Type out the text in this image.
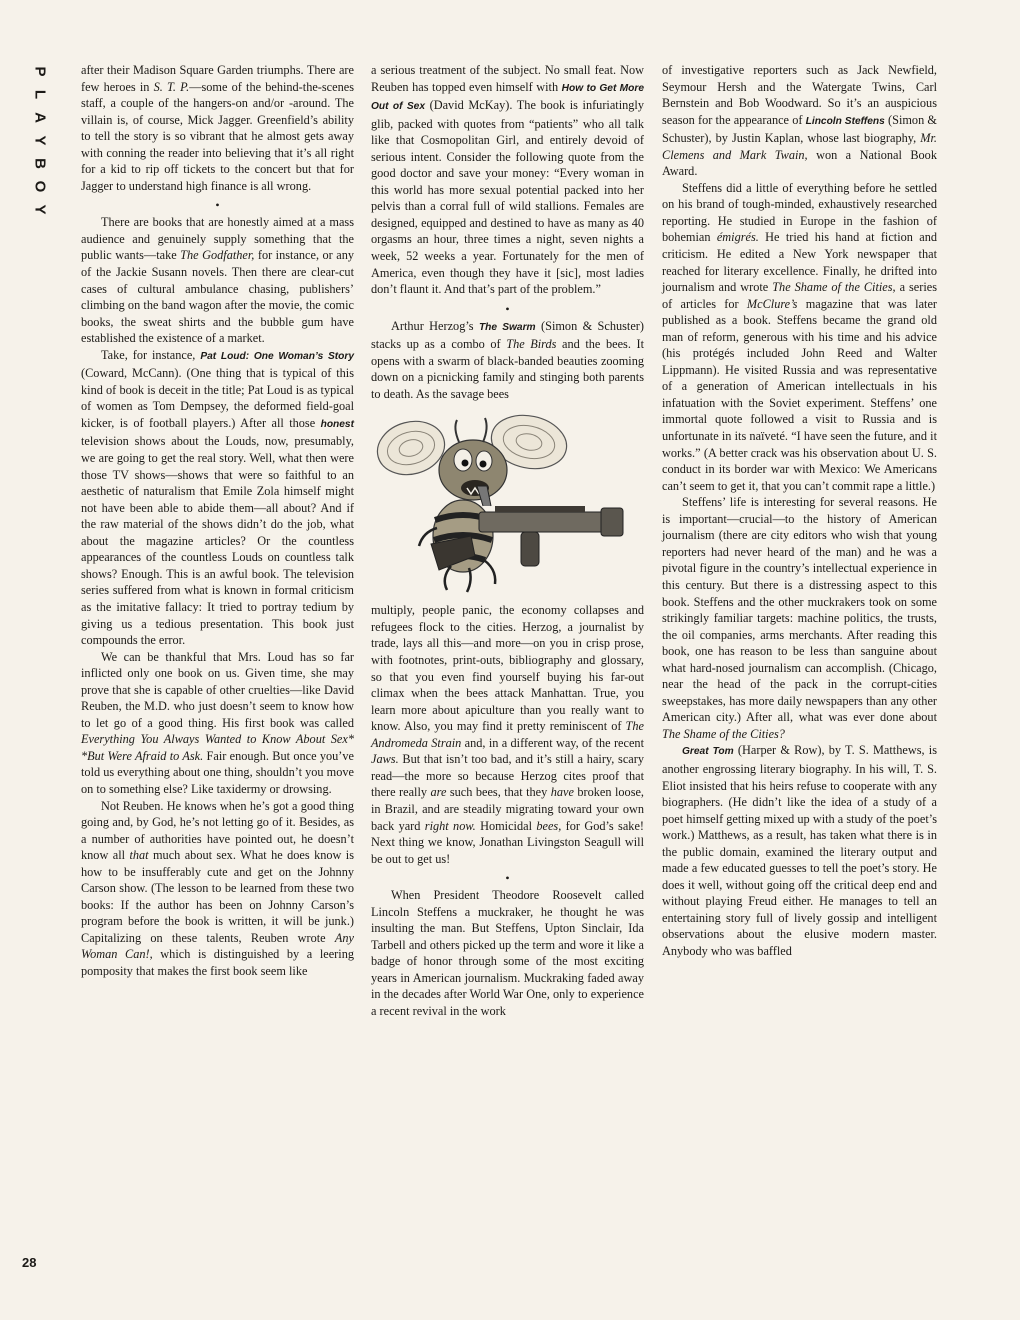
P
L
A
Y
B
O
Y
28

after their Madison Square Garden triumphs. There are few heroes in S. T. P.—some of the behind-the-scenes staff, a couple of the hangers-on and/or -around. The villain is, of course, Mick Jagger. Greenfield’s ability to tell the story is so vibrant that he almost gets away with conning the reader into believing that it’s all right for a kid to rip off tickets to the concert but that for Jagger to understand high finance is all wrong.

•

There are books that are honestly aimed at a mass audience and genuinely supply something that the public wants—take The Godfather, for instance, or any of the Jackie Susann novels. Then there are clear-cut cases of cultural ambulance chasing, publishers’ climbing on the band wagon after the movie, the comic books, the sweat shirts and the bubble gum have established the existence of a market.

Take, for instance, Pat Loud: One Woman’s Story (Coward, McCann). (One thing that is typical of this kind of book is deceit in the title; Pat Loud is as typical of women as Tom Dempsey, the deformed field-goal kicker, is of football players.) After all those honest television shows about the Louds, now, presumably, we are going to get the real story. Well, what then were those TV shows—shows that were so faithful to an aesthetic of naturalism that Emile Zola himself might not have been able to abide them—all about? And if the raw material of the shows didn’t do the job, what about the magazine articles? Or the countless appearances of the countless Louds on countless talk shows? Enough. This is an awful book. The television series suffered from what is known in formal criticism as the imitative fallacy: It tried to portray tedium by giving us a tedious presentation. This book just compounds the error.

We can be thankful that Mrs. Loud has so far inflicted only one book on us. Given time, she may prove that she is capable of other cruelties—like David Reuben, the M.D. who just doesn’t seem to know how to let go of a good thing. His first book was called Everything You Always Wanted to Know About Sex* *But Were Afraid to Ask. Fair enough. But once you’ve told us everything about one thing, shouldn’t you move on to something else? Like taxidermy or drowsing.

Not Reuben. He knows when he’s got a good thing going and, by God, he’s not letting go of it. Besides, as a number of authorities have pointed out, he doesn’t know all that much about sex. What he does know is how to be insufferably cute and get on the Johnny Carson show. (The lesson to be learned from these two books: If the author has been on Johnny Carson’s program before the book is written, it will be junk.) Capitalizing on these talents, Reuben wrote Any Woman Can!, which is distinguished by a leering pomposity that makes the first book seem like

a serious treatment of the subject. No small feat. Now Reuben has topped even himself with How to Get More Out of Sex (David McKay). The book is infuriatingly glib, packed with quotes from “patients” who all talk like that Cosmopolitan Girl, and entirely devoid of serious intent. Consider the following quote from the good doctor and save your money: “Every woman in this world has more sexual potential packed into her pelvis than a corral full of wild stallions. Females are designed, equipped and destined to have as many as 40 orgasms an hour, three times a night, seven nights a week, 52 weeks a year. Fortunately for the men of America, even though they have it [sic], most ladies don’t flaunt it. And that’s part of the problem.”

•

Arthur Herzog’s The Swarm (Simon & Schuster) stacks up as a combo of The Birds and the bees. It opens with a swarm of black-banded beauties zooming down on a picnicking family and stinging both parents to death. As the savage bees

multiply, people panic, the economy collapses and refugees flock to the cities. Herzog, a journalist by trade, lays all this—and more—on you in crisp prose, with footnotes, print-outs, bibliography and glossary, so that you even find yourself buying his far-out climax when the bees attack Manhattan. True, you learn more about apiculture than you really want to know. Also, you may find it pretty reminiscent of The Andromeda Strain and, in a different way, of the recent Jaws. But that isn’t too bad, and it’s still a hairy, scary read—the more so because Herzog cites proof that there really are such bees, that they have broken loose, in Brazil, and are steadily migrating toward your own back yard right now. Homicidal bees, for God’s sake! Next thing we know, Jonathan Livingston Seagull will be out to get us!

•

When President Theodore Roosevelt called Lincoln Steffens a muckraker, he thought he was insulting the man. But Steffens, Upton Sinclair, Ida Tarbell and others picked up the term and wore it like a badge of honor through some of the most exciting years in American journalism. Muckraking faded away in the decades after World War One, only to experience a recent revival in the work

of investigative reporters such as Jack Newfield, Seymour Hersh and the Watergate Twins, Carl Bernstein and Bob Woodward. So it’s an auspicious season for the appearance of Lincoln Steffens (Simon & Schuster), by Justin Kaplan, whose last biography, Mr. Clemens and Mark Twain, won a National Book Award.

Steffens did a little of everything before he settled on his brand of tough-minded, exhaustively researched reporting. He studied in Europe in the fashion of bohemian émigrés. He tried his hand at fiction and criticism. He edited a New York newspaper that reached for literary excellence. Finally, he drifted into journalism and wrote The Shame of the Cities, a series of articles for McClure’s magazine that was later published as a book. Steffens became the grand old man of reform, generous with his time and his advice (his protégés included John Reed and Walter Lippmann). He visited Russia and was representative of a generation of American intellectuals in his infatuation with the Soviet experiment. Steffens’ one immortal quote followed a visit to Russia and is unfortunate in its naïveté. “I have seen the future, and it works.” (A better crack was his observation about U. S. conduct in its border war with Mexico: We Americans can’t seem to get it, that you can’t commit rape a little.)

Steffens’ life is interesting for several reasons. He is important—crucial—to the history of American journalism (there are city editors who wish that young reporters had never heard of the man) and he was a pivotal figure in the country’s intellectual experience in this century. But there is a distressing aspect to this book. Steffens and the other muckrakers took on some strikingly familiar targets: machine politics, the trusts, the oil companies, arms merchants. After reading this book, one has reason to be less than sanguine about what hard-nosed journalism can accomplish. (Chicago, near the head of the pack in the corrupt-cities sweepstakes, has more daily newspapers than any other American city.) After all, what was ever done about The Shame of the Cities?

Great Tom (Harper & Row), by T. S. Matthews, is another engrossing literary biography. In his will, T. S. Eliot insisted that his heirs refuse to cooperate with any biographers. (He didn’t like the idea of a study of a poet himself getting mixed up with a study of the poet’s work.) Matthews, as a result, has taken what there is in the public domain, examined the literary output and made a few educated guesses to tell the poet’s story. He does it well, without going off the critical deep end and without playing Freud either. He manages to tell an entertaining story full of lively gossip and intelligent observations about the elusive modern master. Anybody who was baffled
